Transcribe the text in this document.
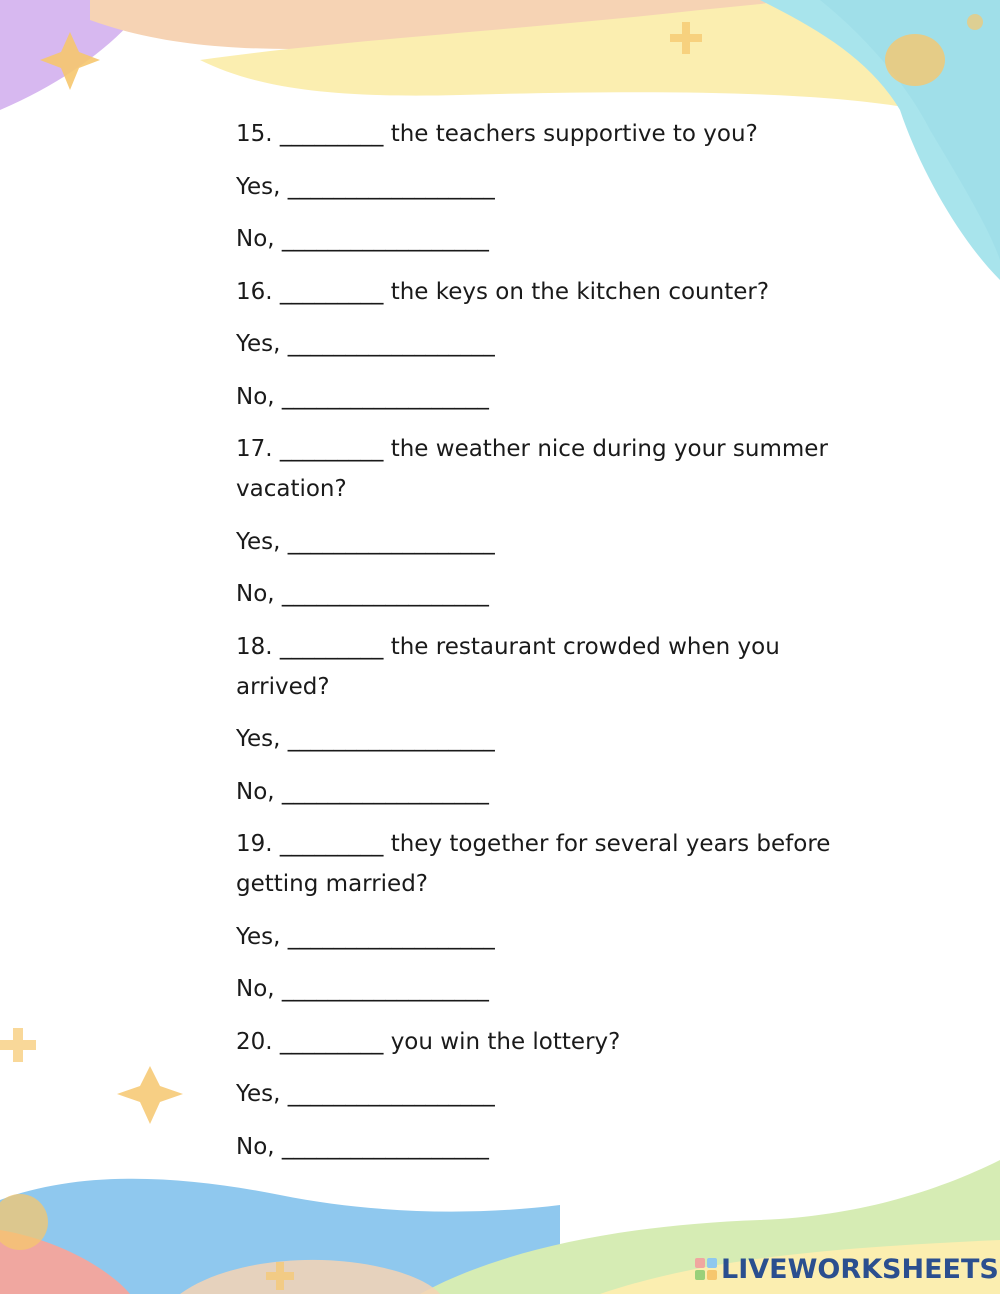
15. _________ the teachers supportive to you?

Yes, __________________

No, __________________

16. _________ the keys on the kitchen counter?

Yes, __________________

No, __________________

17. _________ the weather nice during your summer vacation?

Yes, __________________

No, __________________

18. _________ the restaurant crowded when you arrived?

Yes, __________________

No, __________________

19. _________ they together for several years before getting married?

Yes, __________________

No, __________________

20. _________ you win the lottery?

Yes, __________________

No, __________________

LIVEWORKSHEETS
